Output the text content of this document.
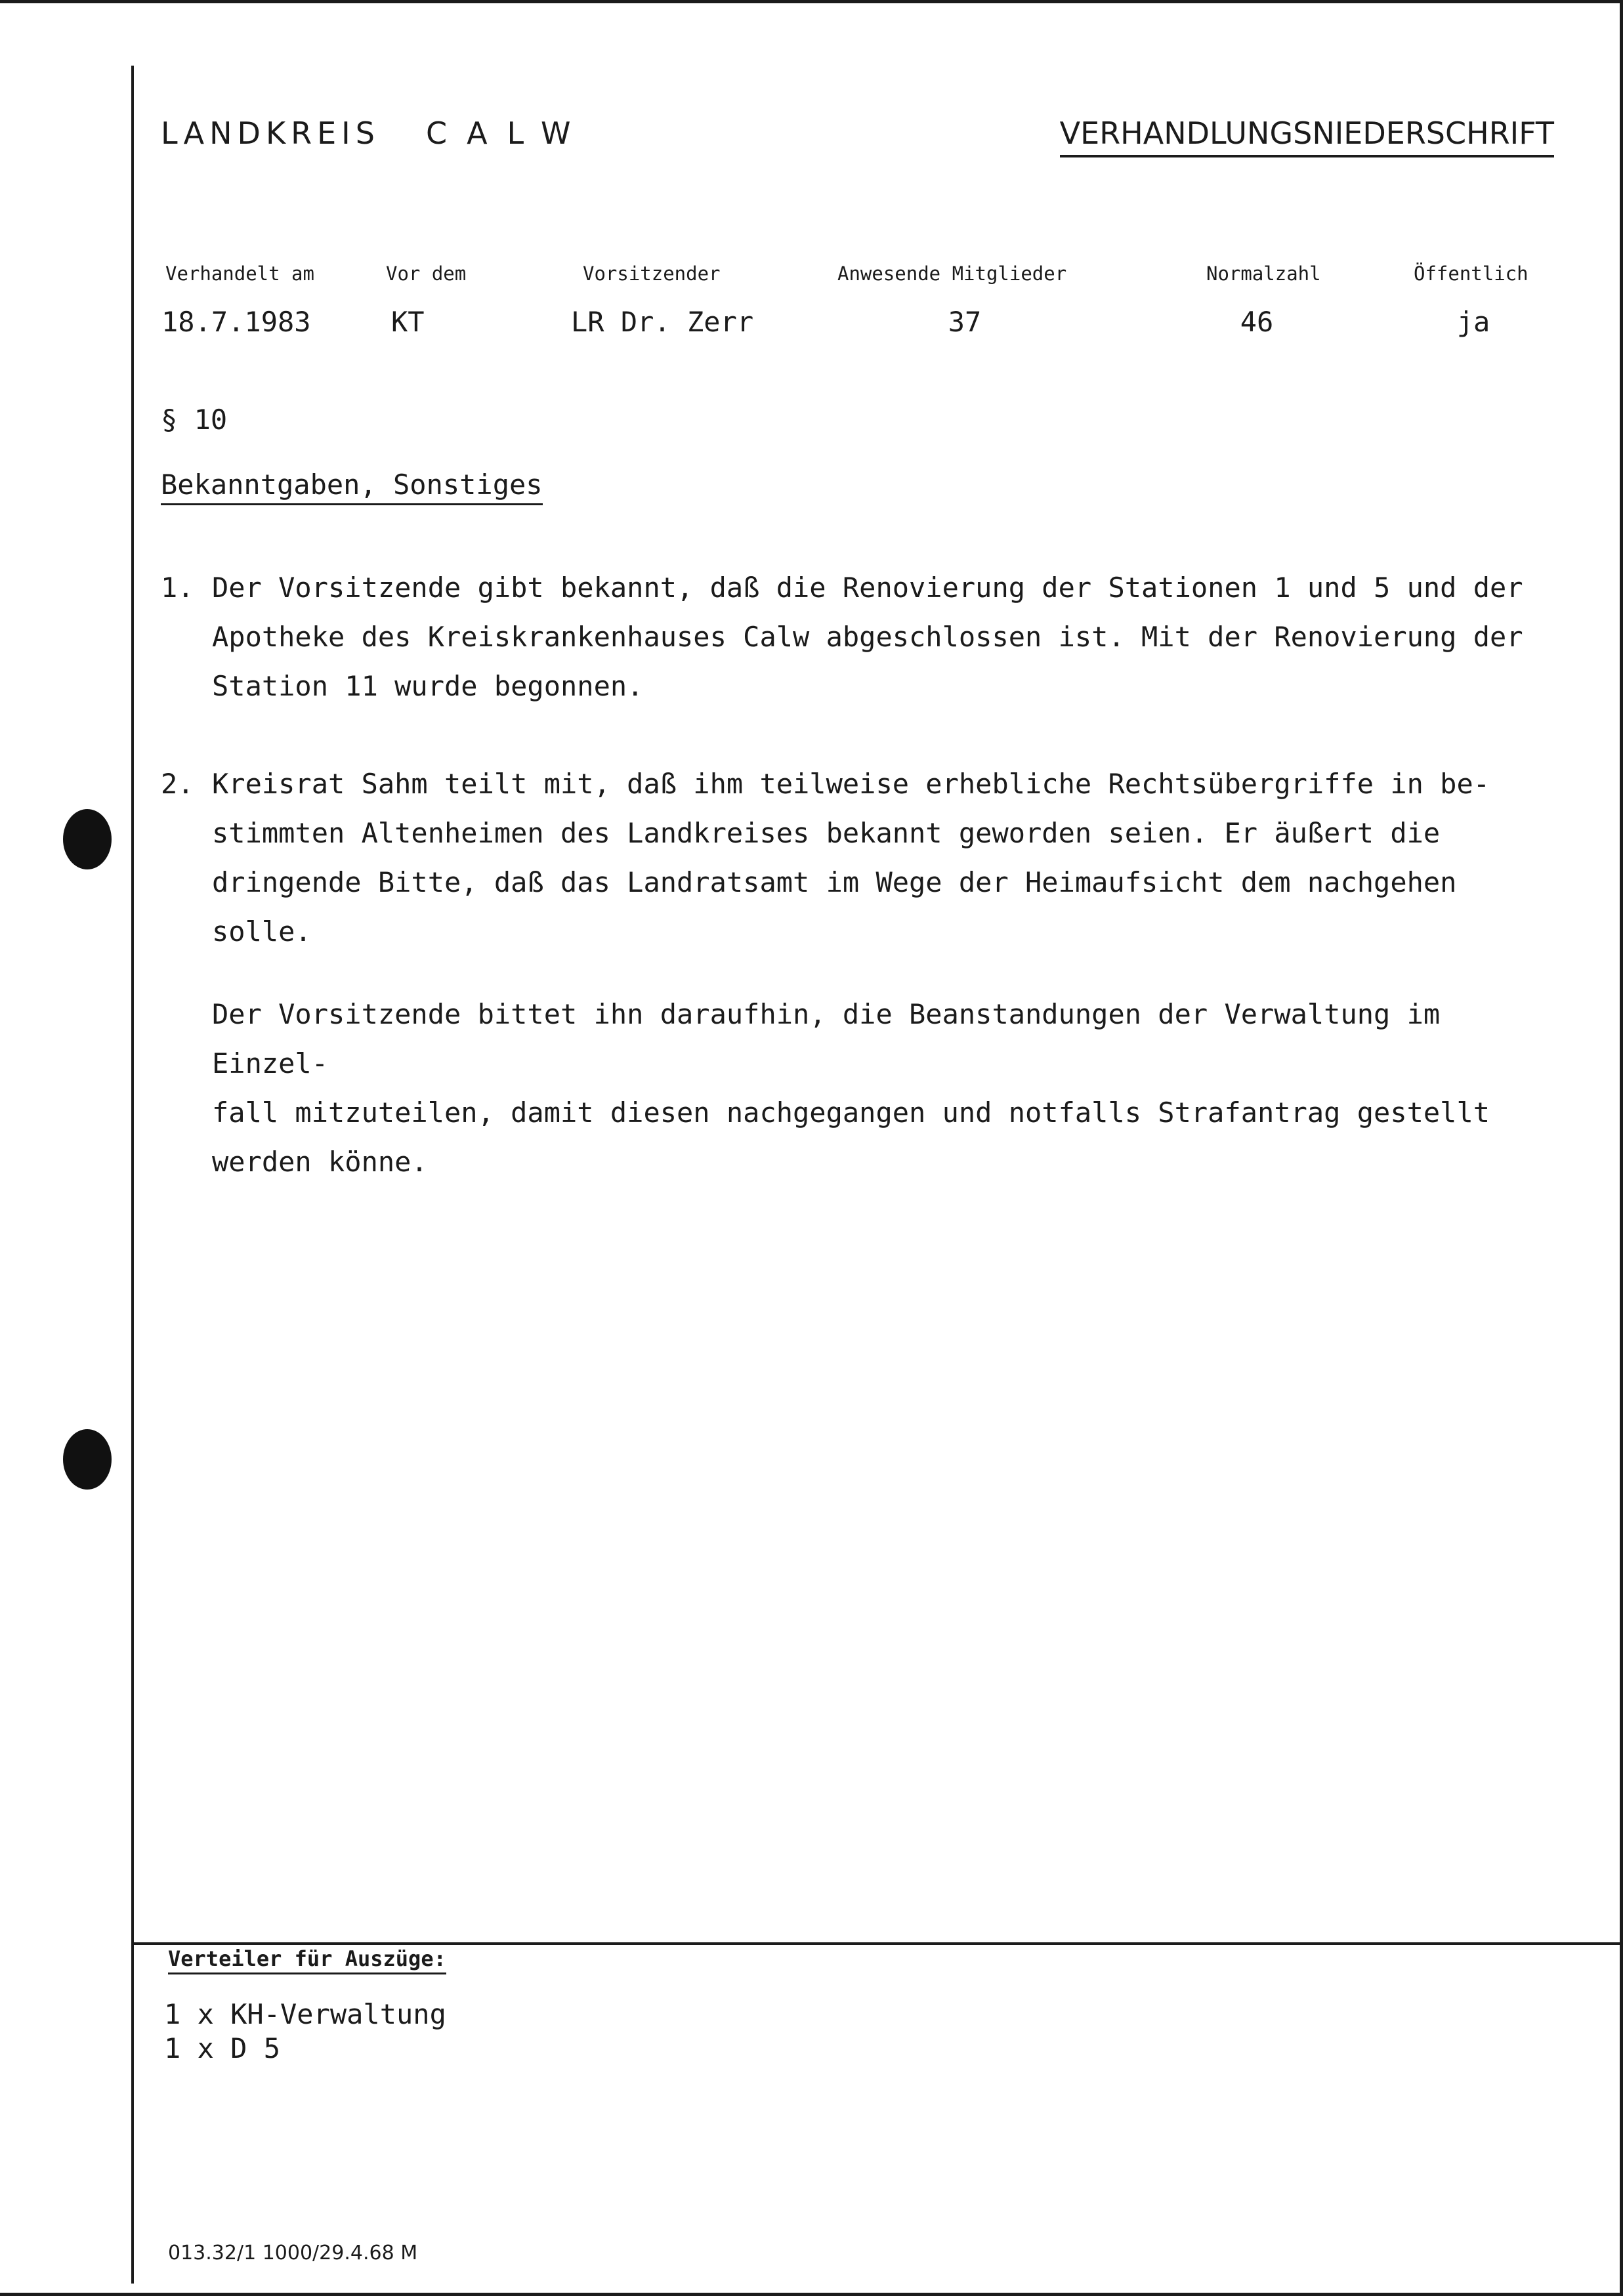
LANDKREIS CALW	VERHANDLUNGSNIEDERSCHRIFT
Verhandelt am	Vor dem	Vorsitzender	Anwesende Mitglieder	Normalzahl	Öffentlich
18.7.1983	KT	LR Dr. Zerr	37	46	ja
§ 10
Bekanntgaben, Sonstiges
1. Der Vorsitzende gibt bekannt, daß die Renovierung der Stationen 1 und 5 und der
Apotheke des Kreiskrankenhauses Calw abgeschlossen ist. Mit der Renovierung der
Station 11 wurde begonnen.
2. Kreisrat Sahm teilt mit, daß ihm teilweise erhebliche Rechtsübergriffe in be-
stimmten Altenheimen des Landkreises bekannt geworden seien. Er äußert die
dringende Bitte, daß das Landratsamt im Wege der Heimaufsicht dem nachgehen
solle.
Der Vorsitzende bittet ihn daraufhin, die Beanstandungen der Verwaltung im Einzel-
fall mitzuteilen, damit diesen nachgegangen und notfalls Strafantrag gestellt
werden könne.
Verteiler für Auszüge:
1 x KH-Verwaltung
1 x D 5
013.32/1 1000/29.4.68 M
